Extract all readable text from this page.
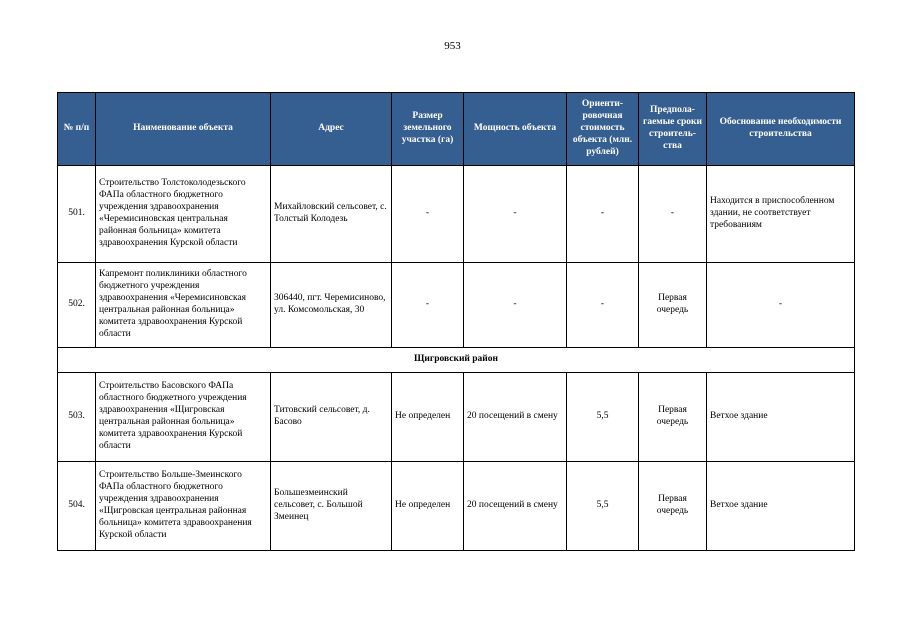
953
№ п/п	Наименование объекта	Адрес	Размер земельного участка (га)	Мощность объекта	Ориенти-ровочная стоимость объекта (млн. рублей)	Предпола-гаемые сроки строитель-ства	Обоснование необходимости строительства
501.	Строительство Толстоколодезьского ФАПа областного бюджетного учреждения здравоохранения «Черемисиновская центральная районная больница» комитета здравоохранения Курской области	Михайловский сельсовет, с. Толстый Колодезь	-	-	-	-	Находится в приспособленном здании, не соответствует требованиям
502.	Капремонт поликлиники областного бюджетного учреждения здравоохранения «Черемисиновская центральная районная больница» комитета здравоохранения Курской области	306440, пгт. Черемисиново, ул. Комсомольская, 30	-	-	-	Первая очередь	-
Щигровский район							
503.	Строительство Басовского ФАПа областного бюджетного учреждения здравоохранения «Щигровская центральная районная больница» комитета здравоохранения Курской области	Титовский сельсовет, д. Басово	Не определен	20 посещений в смену	5,5	Первая очередь	Ветхое здание
504.	Строительство Больше-Змеинского ФАПа областного бюджетного учреждения здравоохранения «Щигровская центральная районная больница» комитета здравоохранения Курской области	Большезмеинский сельсовет, с. Большой Змеинец	Не определен	20 посещений в смену	5,5	Первая очередь	Ветхое здание
